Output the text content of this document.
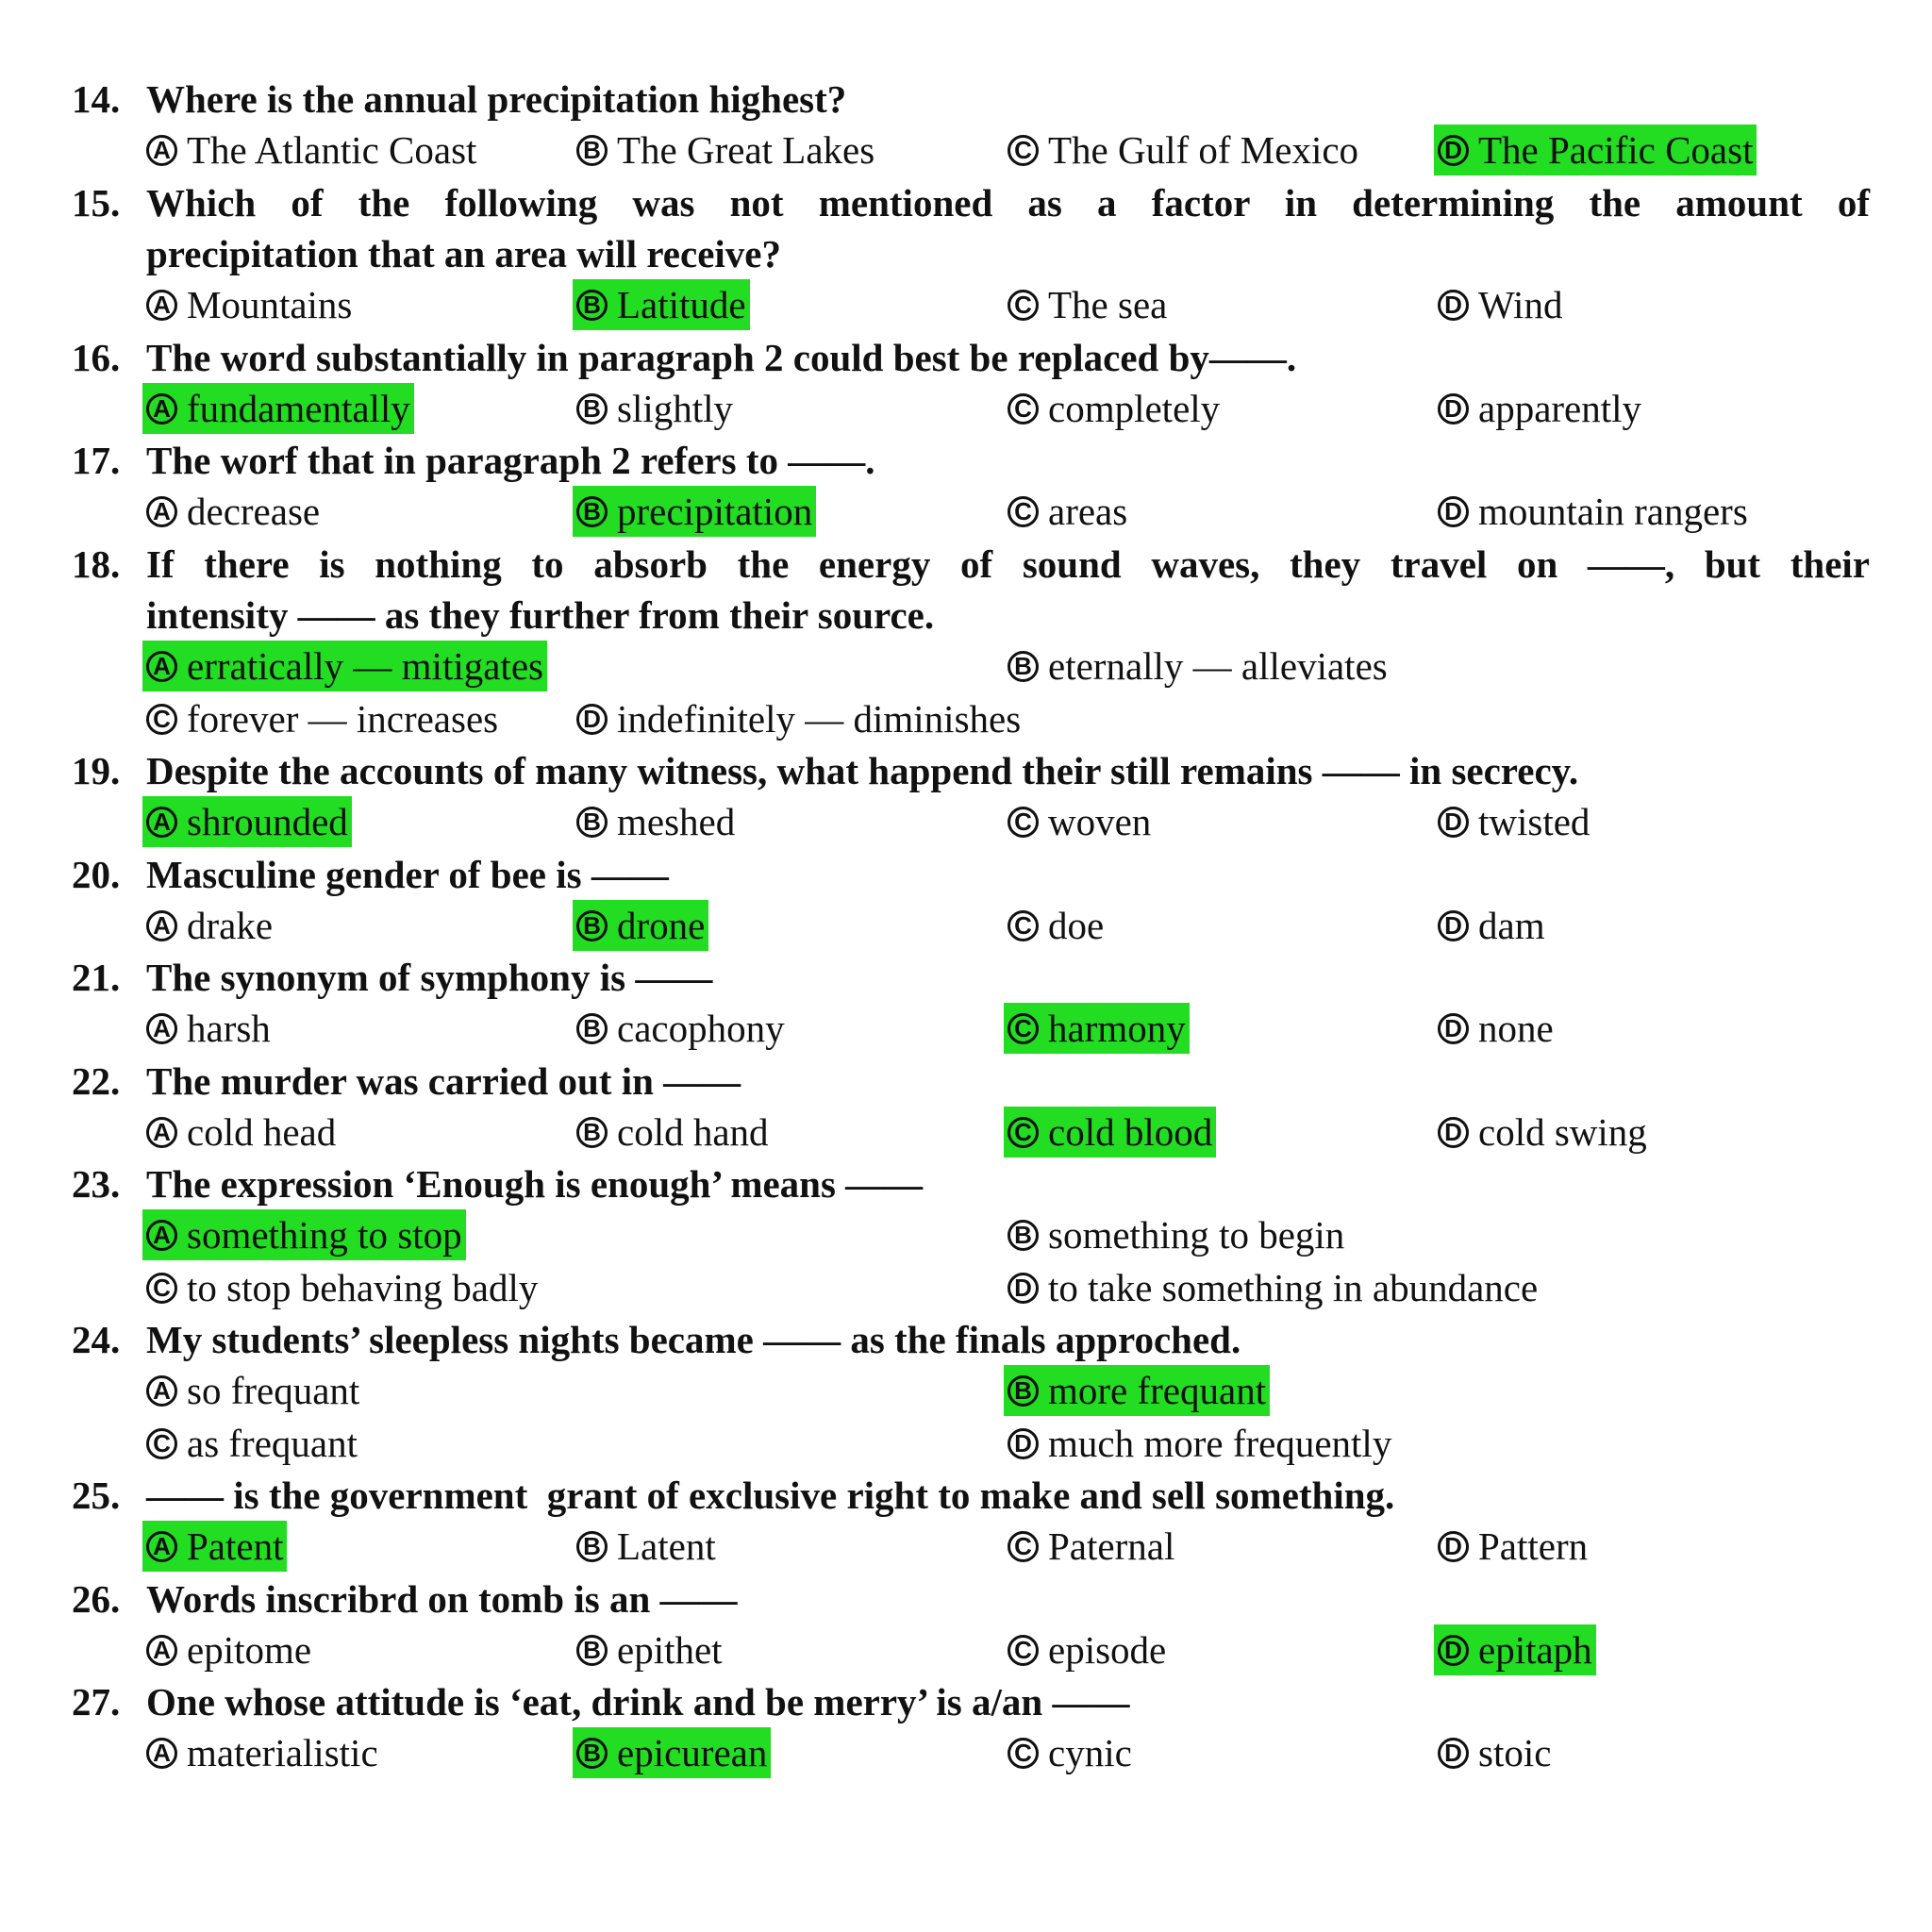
14. Where is the annual precipitation highest?
A The Atlantic Coast	B The Great Lakes	C The Gulf of Mexico	D The Pacific Coast
15. Which of the following was not mentioned as a factor in determining the amount of
precipitation that an area will receive?
A Mountains	B Latitude	C The sea	D Wind
16. The word substantially in paragraph 2 could best be replaced by——.
A fundamentally	B slightly	C completely	D apparently
17. The worf that in paragraph 2 refers to ——.
A decrease	B precipitation	C areas	D mountain rangers
18. If there is nothing to absorb the energy of sound waves, they travel on ——, but their
intensity —— as they further from their source.
A erratically — mitigates	B eternally — alleviates
C forever — increases	D indefinitely — diminishes
19. Despite the accounts of many witness, what happend their still remains —— in secrecy.
A shrounded	B meshed	C woven	D twisted
20. Masculine gender of bee is ——
A drake	B drone	C doe	D dam
21. The synonym of symphony is ——
A harsh	B cacophony	C harmony	D none
22. The murder was carried out in ——
A cold head	B cold hand	C cold blood	D cold swing
23. The expression ‘Enough is enough’ means ——
A something to stop	B something to begin
C to stop behaving badly	D to take something in abundance
24. My students’ sleepless nights became —— as the finals approched.
A so frequant	B more frequant
C as frequant	D much more frequently
25. —— is the government  grant of exclusive right to make and sell something.
A Patent	B Latent	C Paternal	D Pattern
26. Words inscribrd on tomb is an ——
A epitome	B epithet	C episode	D epitaph
27. One whose attitude is ‘eat, drink and be merry’ is a/an ——
A materialistic	B epicurean	C cynic	D stoic
